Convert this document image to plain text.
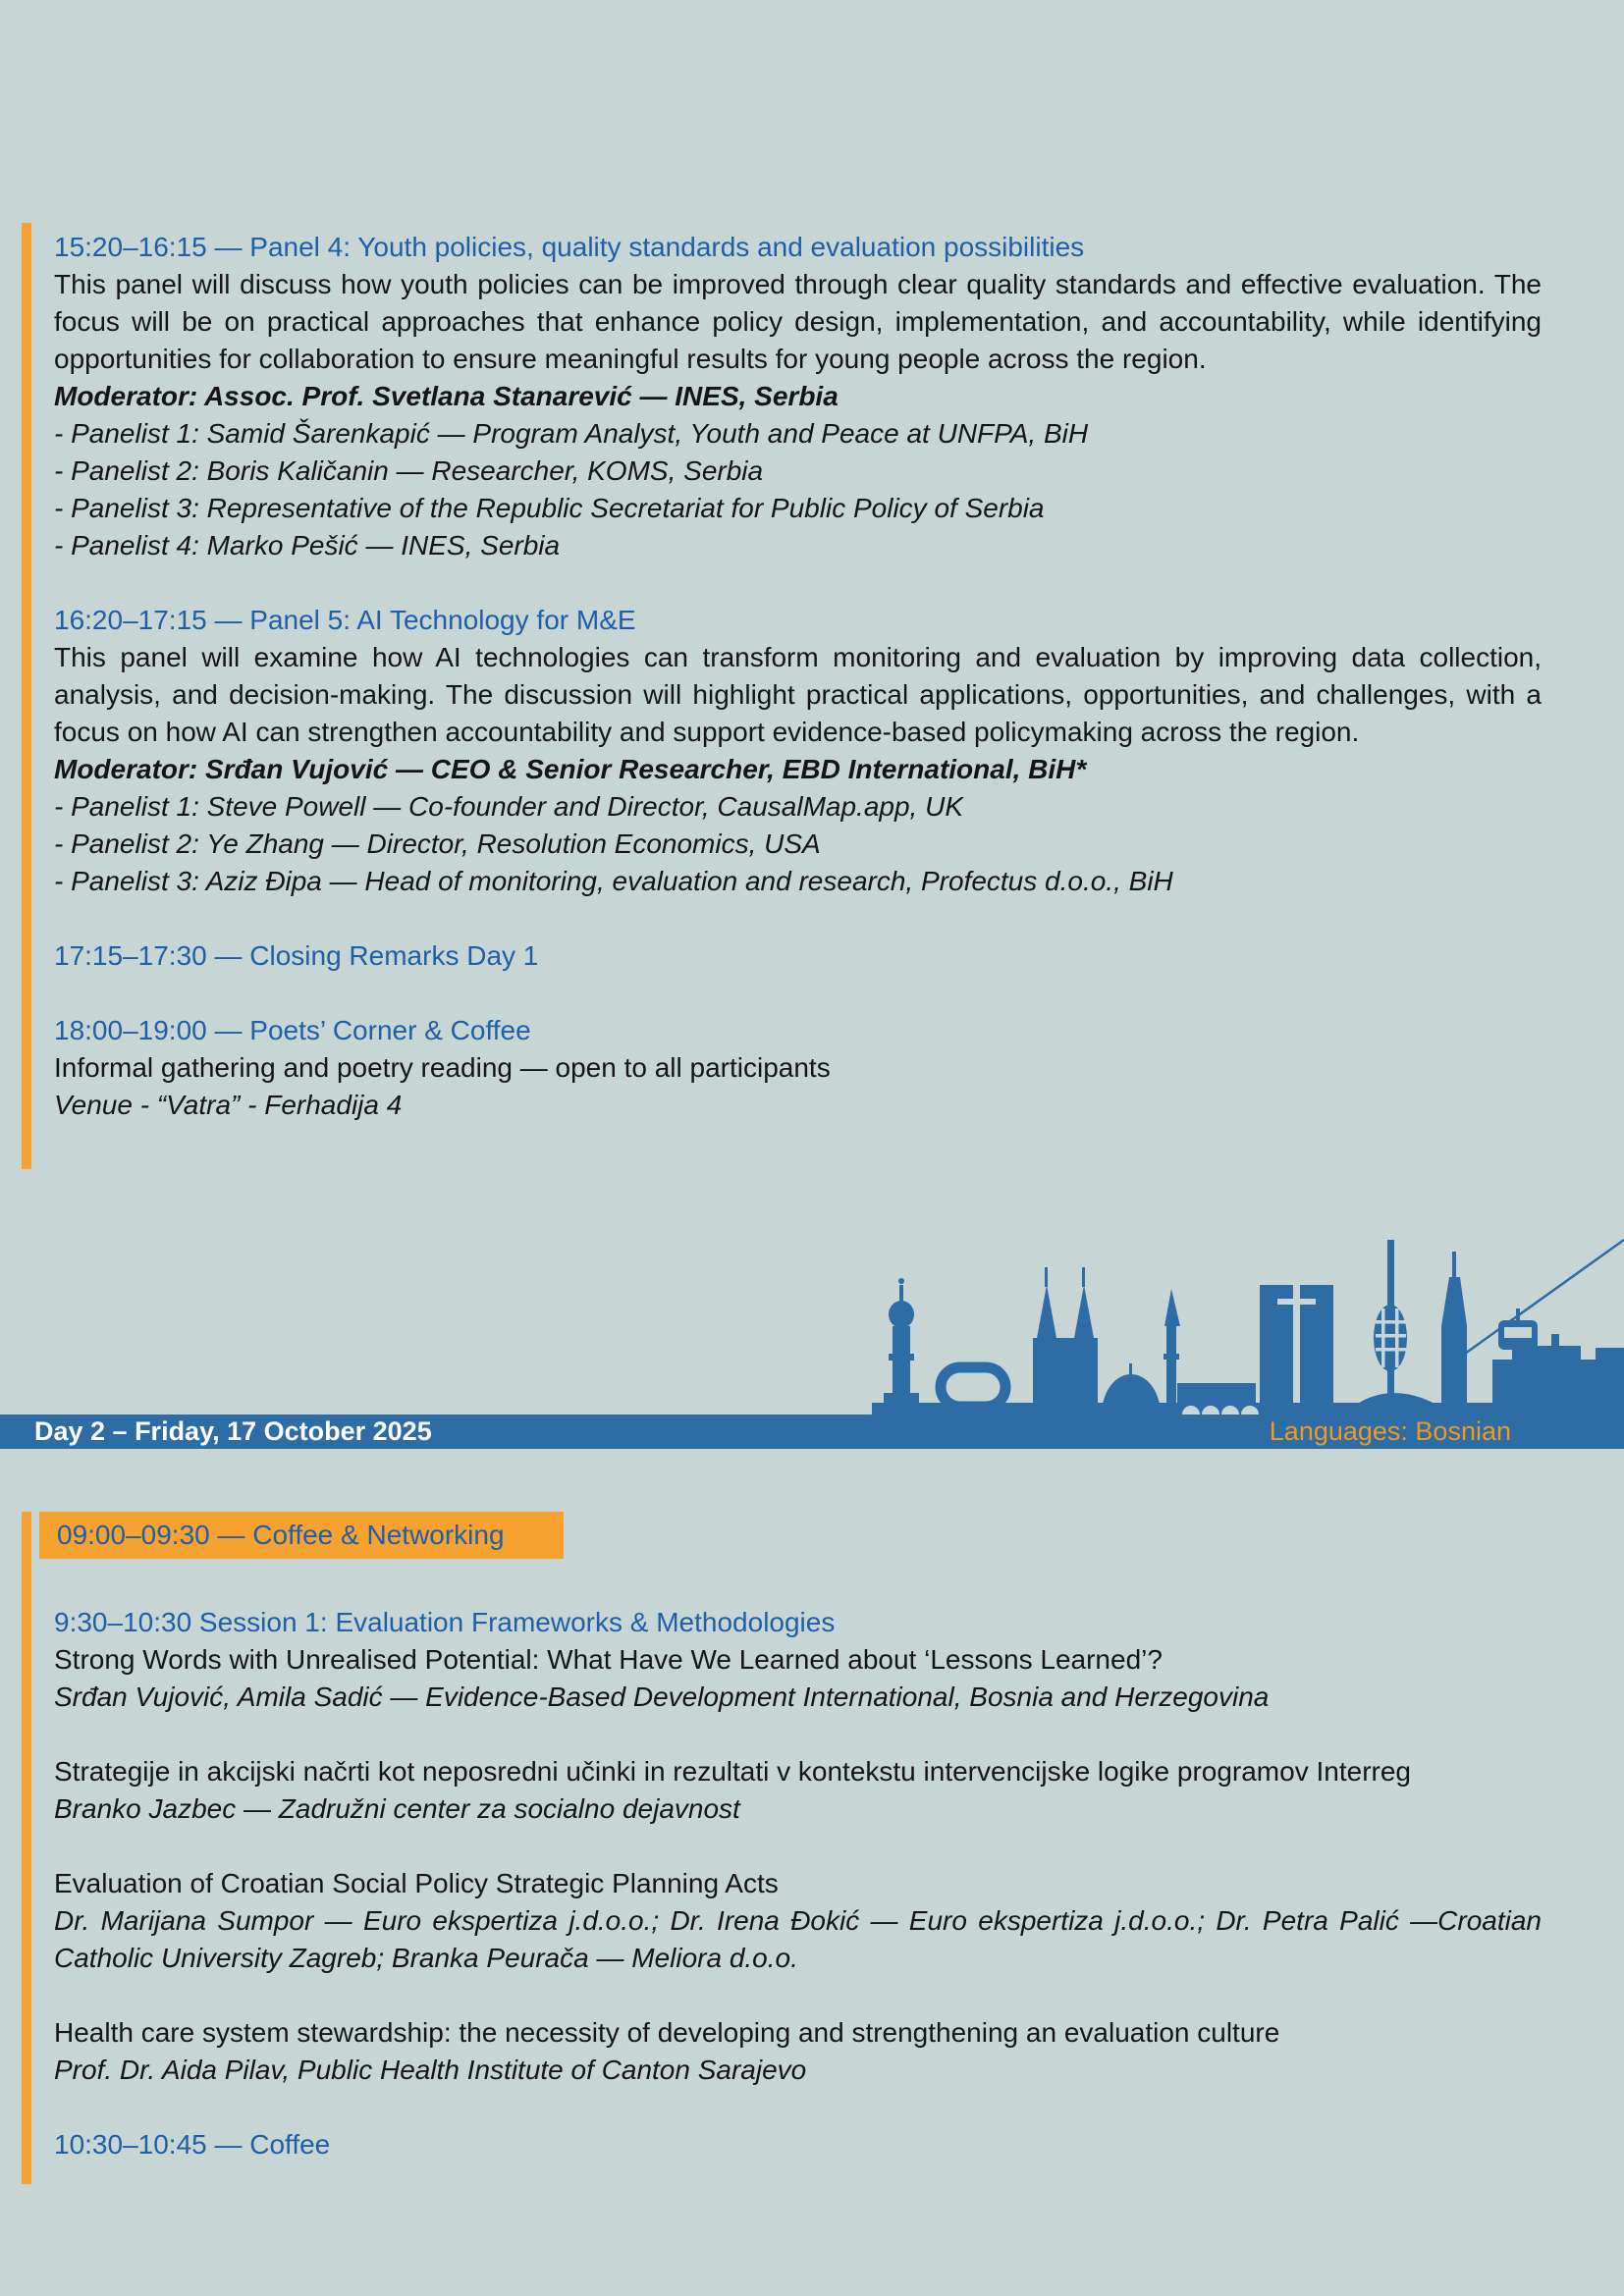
15:20–16:15 — Panel 4: Youth policies, quality standards and evaluation possibilities

This panel will discuss how youth policies can be improved through clear quality standards and effective evaluation. The focus will be on practical approaches that enhance policy design, implementation, and accountability, while identifying opportunities for collaboration to ensure meaningful results for young people across the region.

Moderator: Assoc. Prof. Svetlana Stanarević — INES, Serbia
- Panelist 1: Samid Šarenkapić — Program Analyst, Youth and Peace at UNFPA, BiH
- Panelist 2: Boris Kaličanin — Researcher, KOMS, Serbia
- Panelist 3: Representative of the Republic Secretariat for Public Policy of Serbia
- Panelist 4: Marko Pešić — INES, Serbia
16:20–17:15 — Panel 5: AI Technology for M&E

This panel will examine how AI technologies can transform monitoring and evaluation by improving data collection, analysis, and decision-making. The discussion will highlight practical applications, opportunities, and challenges, with a focus on how AI can strengthen accountability and support evidence-based policymaking across the region.

Moderator: Srđan Vujović — CEO & Senior Researcher, EBD International, BiH*
- Panelist 1: Steve Powell — Co-founder and Director, CausalMap.app, UK
- Panelist 2: Ye Zhang — Director, Resolution Economics, USA
- Panelist 3: Aziz Đipa — Head of monitoring, evaluation and research, Profectus d.o.o., BiH
17:15–17:30 — Closing Remarks Day 1
18:00–19:00 — Poets’ Corner & Coffee
Informal gathering and poetry reading — open to all participants
Venue - “Vatra” - Ferhadija 4
Day 2 – Friday, 17 October 2025	Languages: Bosnian
09:00–09:30 — Coffee & Networking
9:30–10:30 Session 1: Evaluation Frameworks & Methodologies
Strong Words with Unrealised Potential: What Have We Learned about ‘Lessons Learned’?
Srđan Vujović, Amila Sadić — Evidence-Based Development International, Bosnia and Herzegovina
Strategije in akcijski načrti kot neposredni učinki in rezultati v kontekstu intervencijske logike programov Interreg
Branko Jazbec — Zadružni center za socialno dejavnost
Evaluation of Croatian Social Policy Strategic Planning Acts
Dr. Marijana Sumpor — Euro ekspertiza j.d.o.o.; Dr. Irena Đokić — Euro ekspertiza j.d.o.o.; Dr. Petra Palić —Croatian Catholic University Zagreb; Branka Peurača — Meliora d.o.o.
Health care system stewardship: the necessity of developing and strengthening an evaluation culture
Prof. Dr. Aida Pilav, Public Health Institute of Canton Sarajevo
10:30–10:45 — Coffee
